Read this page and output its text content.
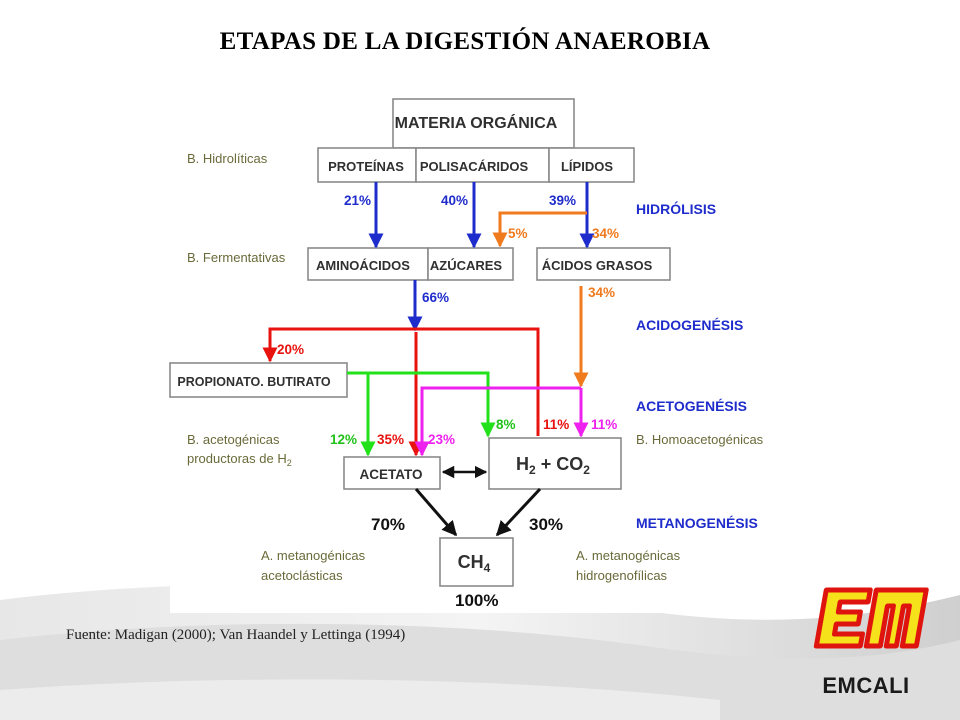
ETAPAS DE LA DIGESTIÓN ANAEROBIA
MATERIA ORGÁNICA
PROTEÍNAS POLISACÁRIDOS	LÍPIDOS
AMINOÁCIDOS AZÚCARES	ÁCIDOS GRASOS
PROPIONATO. BUTIRATO
ACETATO
$H_2 + CO_2$
$CH_4$
21%	40%	39%
5%	34%
34%
66%
20%
12% 35% 23%
8% 11% 11%
70%	30%
100%
HIDRÓLISIS
ACIDOGENÉSIS
ACETOGENÉSIS
METANOGENÉSIS
B. Hidrolíticas
B. Fermentativas
B. acetogénicas
productoras de $H_2$
B. Homoacetogénicas
A. metanogénicas
acetoclásticas
A. metanogénicas
hidrogenofílicas
Fuente: Madigan (2000); Van Haandel y Lettinga (1994)
EMCALI
